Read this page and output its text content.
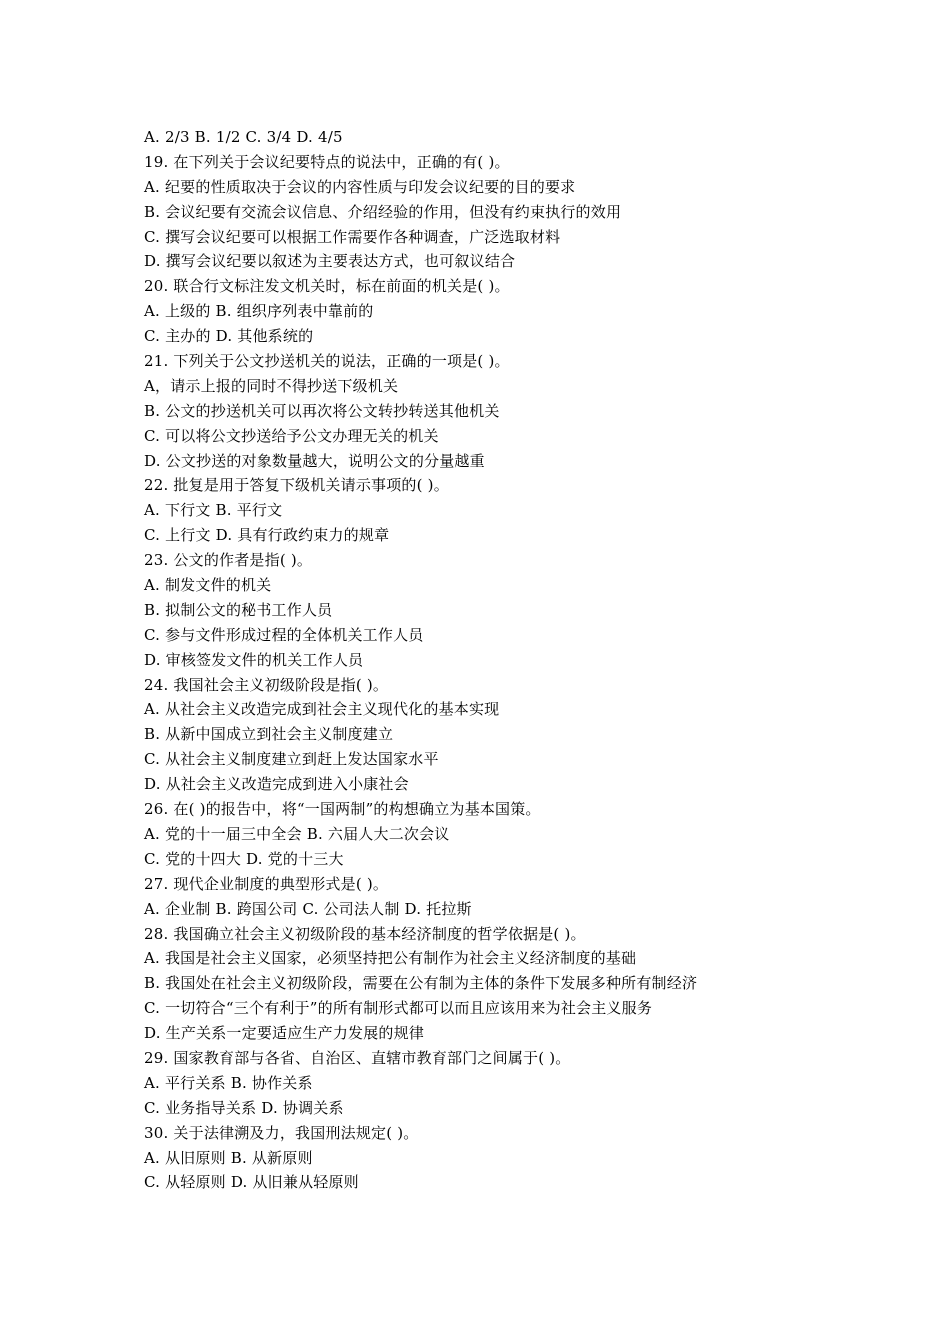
A. 2/3 B. 1/2 C. 3/4 D. 4/5
19. 在下列关于会议纪要特点的说法中，正确的有( )。
A. 纪要的性质取决于会议的内容性质与印发会议纪要的目的要求
B. 会议纪要有交流会议信息、介绍经验的作用，但没有约束执行的效用
C. 撰写会议纪要可以根据工作需要作各种调查，广泛选取材料
D. 撰写会议纪要以叙述为主要表达方式，也可叙议结合
20. 联合行文标注发文机关时，标在前面的机关是( )。
A. 上级的 B. 组织序列表中靠前的
C. 主办的 D. 其他系统的
21. 下列关于公文抄送机关的说法，正确的一项是( )。
A，请示上报的同时不得抄送下级机关
B. 公文的抄送机关可以再次将公文转抄转送其他机关
C. 可以将公文抄送给予公文办理无关的机关
D. 公文抄送的对象数量越大，说明公文的分量越重
22. 批复是用于答复下级机关请示事项的( )。
A. 下行文 B. 平行文
C. 上行文 D. 具有行政约束力的规章
23. 公文的作者是指( )。
A. 制发文件的机关
B. 拟制公文的秘书工作人员
C. 参与文件形成过程的全体机关工作人员
D. 审核签发文件的机关工作人员
24. 我国社会主义初级阶段是指( )。
A. 从社会主义改造完成到社会主义现代化的基本实现
B. 从新中国成立到社会主义制度建立
C. 从社会主义制度建立到赶上发达国家水平
D. 从社会主义改造完成到进入小康社会
26. 在( )的报告中，将“一国两制”的构想确立为基本国策。
A. 党的十一届三中全会 B. 六届人大二次会议
C. 党的十四大 D. 党的十三大
27. 现代企业制度的典型形式是( )。
A. 企业制 B. 跨国公司 C. 公司法人制 D. 托拉斯
28. 我国确立社会主义初级阶段的基本经济制度的哲学依据是( )。
A. 我国是社会主义国家，必须坚持把公有制作为社会主义经济制度的基础
B. 我国处在社会主义初级阶段，需要在公有制为主体的条件下发展多种所有制经济
C. 一切符合“三个有利于”的所有制形式都可以而且应该用来为社会主义服务
D. 生产关系一定要适应生产力发展的规律
29. 国家教育部与各省、自治区、直辖市教育部门之间属于( )。
A. 平行关系 B. 协作关系
C. 业务指导关系 D. 协调关系
30. 关于法律溯及力，我国刑法规定( )。
A. 从旧原则 B. 从新原则
C. 从轻原则 D. 从旧兼从轻原则
